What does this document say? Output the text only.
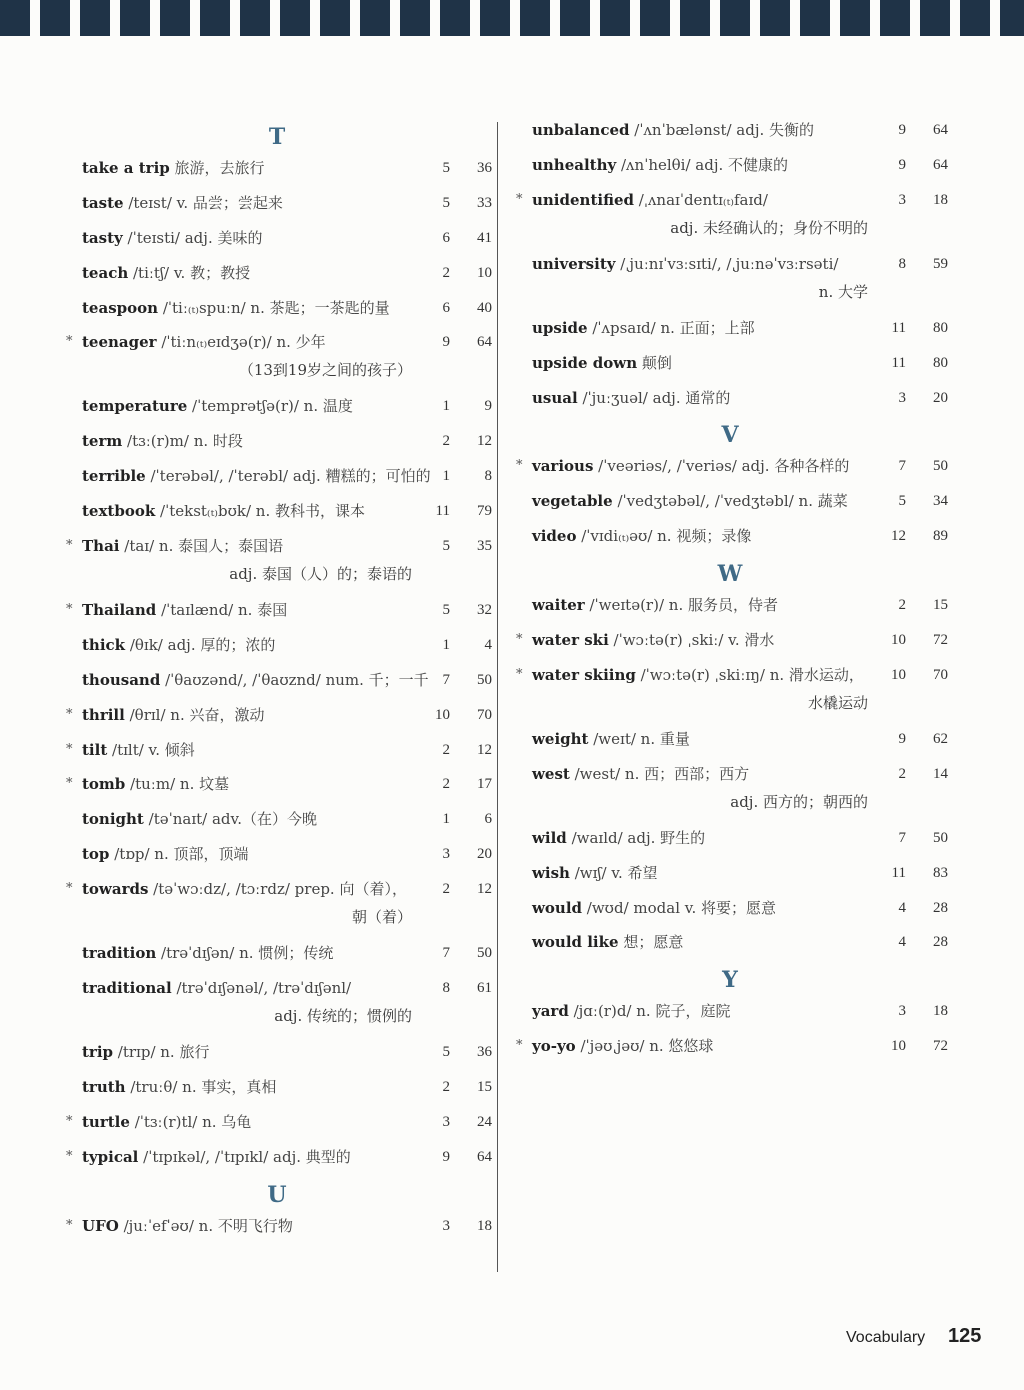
T
take a trip 旅游，去旅行	5	36
taste /teɪst/ v. 品尝；尝起来	5	33
tasty /ˈteɪsti/ adj. 美味的	6	41
teach /tiːtʃ/ v. 教；教授	2	10
teaspoon /ˈtiː₍ₜ₎spuːn/ n. 茶匙；一茶匙的量	6	40
* teenager /ˈtiːn₍ₜ₎eɪdʒə(r)/ n. 少年
（13到19岁之间的孩子）
9	64
temperature /ˈtemprətʃə(r)/ n. 温度	1	9
term /tɜː(r)m/ n. 时段	2	12
terrible /ˈterəbəl/, /ˈterəbl/ adj. 糟糕的；可怕的 1	8
textbook /ˈtekst₍ₜ₎bʊk/ n. 教科书，课本	11	79
* Thai /taɪ/ n. 泰国人；泰国语
adj. 泰国（人）的；泰语的
5	35
* Thailand /ˈtaɪlænd/ n. 泰国	5	32
thick /θɪk/ adj. 厚的；浓的	1	4
thousand /ˈθaʊzənd/, /ˈθaʊznd/ num. 千；一千 7	50
* thrill /θrɪl/ n. 兴奋，激动	10	70
* tilt /tɪlt/ v. 倾斜	2	12
* tomb /tuːm/ n. 坟墓	2	17
tonight /təˈnaɪt/ adv.（在）今晚	1	6
top /tɒp/ n. 顶部，顶端	3	20
* towards /təˈwɔːdz/, /tɔːrdz/ prep. 向（着），
朝（着）
2	12
tradition /trəˈdɪʃən/ n. 惯例；传统	7	50
traditional /trəˈdɪʃənəl/, /trəˈdɪʃənl/
adj. 传统的；惯例的
8	61
trip /trɪp/ n. 旅行	5	36
truth /truːθ/ n. 事实，真相	2	15
* turtle /ˈtɜː(r)tl/ n. 乌龟	3	24
* typical /ˈtɪpɪkəl/, /ˈtɪpɪkl/ adj. 典型的	9	64
U
* UFO /juːˈefˈəʊ/ n. 不明飞行物	3	18
unbalanced /ˈʌnˈbælənst/ adj. 失衡的	9	64
unhealthy /ʌnˈhelθi/ adj. 不健康的	9	64
* unidentified /ˌʌnaɪˈdentɪ₍ₜ₎faɪd/
adj. 未经确认的；身份不明的
3	18
university /ˌjuːnɪˈvɜːsɪti/, /ˌjuːnəˈvɜːrsəti/
n. 大学
8	59
upside /ˈʌpsaɪd/ n. 正面；上部	11	80
upside down 颠倒	11	80
usual /ˈjuːʒuəl/ adj. 通常的	3	20
V
* various /ˈveəriəs/, /ˈveriəs/ adj. 各种各样的	7	50
vegetable /ˈvedʒtəbəl/, /ˈvedʒtəbl/ n. 蔬菜	5	34
video /ˈvɪdi₍ₜ₎əʊ/ n. 视频；录像	12	89
W
waiter /ˈweɪtə(r)/ n. 服务员，侍者	2	15
* water ski /ˈwɔːtə(r) ˌskiː/ v. 滑水	10	72
* water skiing /ˈwɔːtə(r) ˌskiːɪŋ/ n. 滑水运动，
水橇运动
10	70
weight /weɪt/ n. 重量	9	62
west /west/ n. 西；西部；西方
adj. 西方的；朝西的
2	14
wild /waɪld/ adj. 野生的	7	50
wish /wɪʃ/ v. 希望	11	83
would /wʊd/ modal v. 将要；愿意	4	28
would like 想；愿意	4	28
Y
yard /jɑː(r)d/ n. 院子，庭院	3	18
* yo-yo /ˈjəʊˌjəʊ/ n. 悠悠球	10	72
Vocabulary 125
